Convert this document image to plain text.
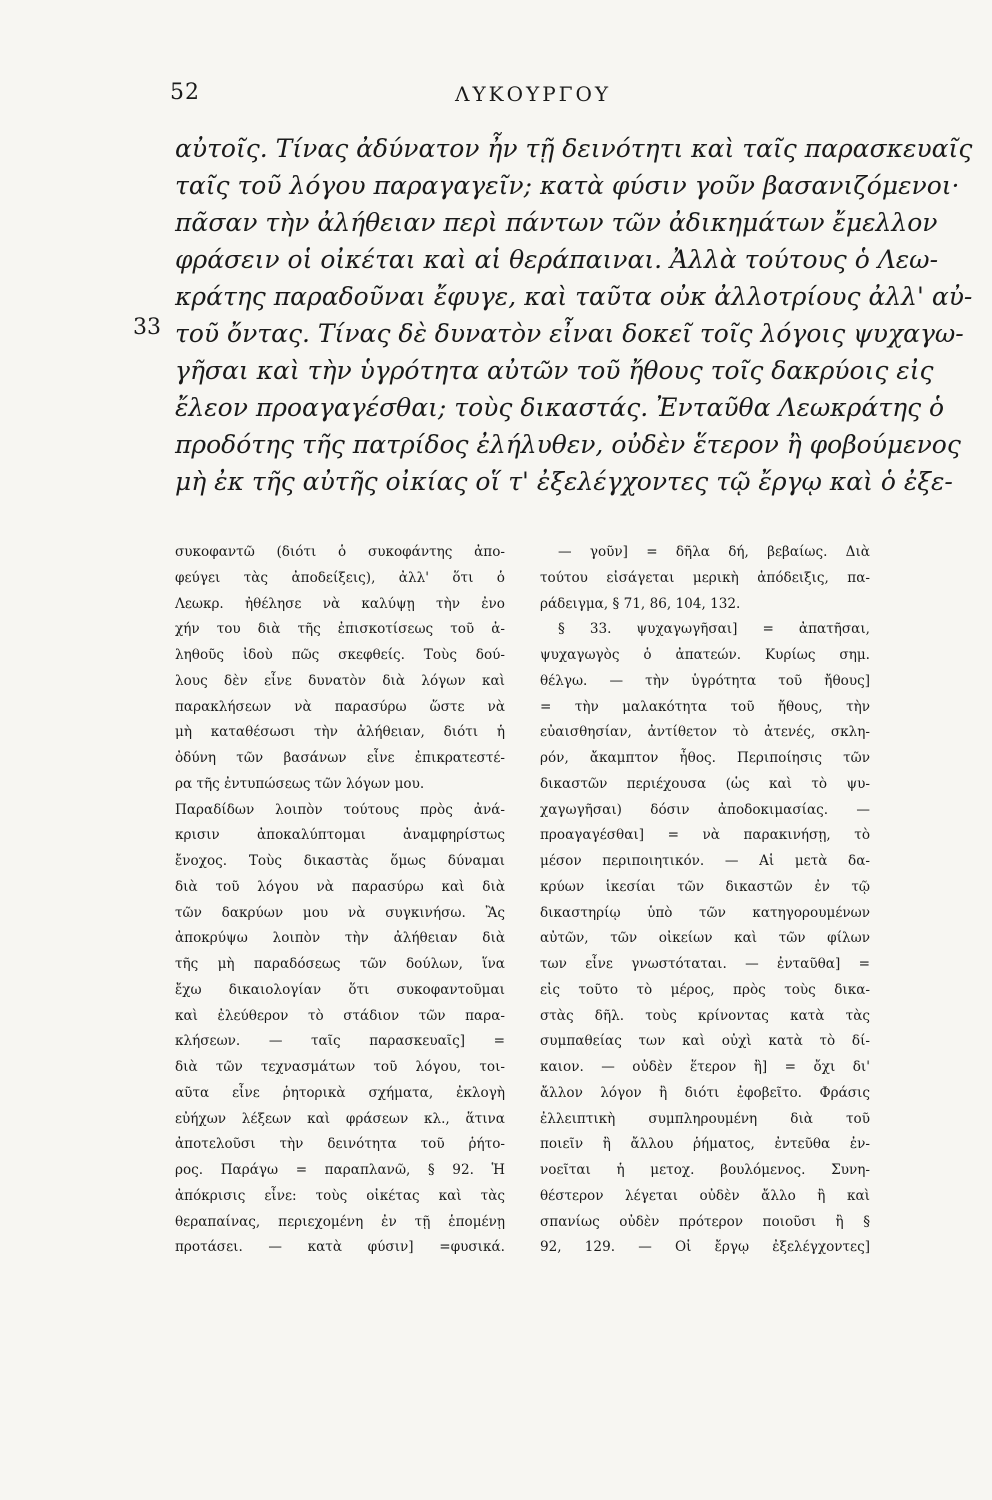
52	ΛΥΚΟΥΡΓΟΥ
33
αὐτοῖς. Τίνας ἀδύνατον ἦν τῇ δεινότητι καὶ ταῖς παρασκευαῖς
ταῖς τοῦ λόγου παραγαγεῖν; κατὰ φύσιν γοῦν βασανιζόμενοι·
πᾶσαν τὴν ἀλήθειαν περὶ πάντων τῶν ἀδικημάτων ἔμελλον
φράσειν οἱ οἰκέται καὶ αἱ θεράπαιναι. Ἀλλὰ τούτους ὁ Λεω-
κράτης παραδοῦναι ἔφυγε, καὶ ταῦτα οὐκ ἀλλοτρίους ἀλλ' αὐ-
τοῦ ὄντας. Τίνας δὲ δυνατὸν εἶναι δοκεῖ τοῖς λόγοις ψυχαγω-
γῆσαι καὶ τὴν ὑγρότητα αὐτῶν τοῦ ἤθους τοῖς δακρύοις εἰς
ἔλεον προαγαγέσθαι; τοὺς δικαστάς. Ἐνταῦθα Λεωκράτης ὁ
προδότης τῆς πατρίδος ἐλήλυθεν, οὐδὲν ἕτερον ἢ φοβούμενος
μὴ ἐκ τῆς αὐτῆς οἰκίας οἵ τ' ἐξελέγχοντες τῷ ἔργῳ καὶ ὁ ἐξε-
συκοφαντῶ (διότι ὁ συκοφάντης ἀπο-
φεύγει τὰς ἀποδείξεις), ἀλλ' ὅτι ὁ
Λεωκρ. ἠθέλησε νὰ καλύψῃ τὴν ἐνο
χήν του διὰ τῆς ἐπισκοτίσεως τοῦ ἀ-
ληθοῦς ἰδοὺ πῶς σκεφθείς. Τοὺς δού-
λους δὲν εἶνε δυνατὸν διὰ λόγων καὶ
παρακλήσεων νὰ παρασύρω ὥστε νὰ
μὴ καταθέσωσι τὴν ἀλήθειαν, διότι ἡ
ὀδύνη τῶν βασάνων εἶνε ἐπικρατεστέ-
ρα τῆς ἐντυπώσεως τῶν λόγων μου.
Παραδίδων λοιπὸν τούτους πρὸς ἀνά-
κρισιν ἀποκαλύπτομαι ἀναμφηρίστως
ἔνοχος. Τοὺς δικαστὰς ὅμως δύναμαι
διὰ τοῦ λόγου νὰ παρασύρω καὶ διὰ
τῶν δακρύων μου νὰ συγκινήσω. Ἂς
ἀποκρύψω λοιπὸν τὴν ἀλήθειαν διὰ
τῆς μὴ παραδόσεως τῶν δούλων, ἵνα
ἔχω δικαιολογίαν ὅτι συκοφαντοῦμαι
καὶ ἐλεύθερον τὸ στάδιον τῶν παρα-
κλήσεων. — ταῖς παρασκευαῖς] =
διὰ τῶν τεχνασμάτων τοῦ λόγου, τοι-
αῦτα εἶνε ῥητορικὰ σχήματα, ἐκλογὴ
εὐήχων λέξεων καὶ φράσεων κλ., ἅτινα
ἀποτελοῦσι τὴν δεινότητα τοῦ ῥήτο-
ρος. Παράγω = παραπλανῶ, § 92. Ἡ
ἀπόκρισις εἶνε: τοὺς οἰκέτας καὶ τὰς
θεραπαίνας, περιεχομένη ἐν τῇ ἑπομένῃ
προτάσει. — κατὰ φύσιν] =φυσικά.
— γοῦν] = δῆλα δή, βεβαίως. Διὰ
τούτου εἰσάγεται μερικὴ ἀπόδειξις, πα-
ράδειγμα, § 71, 86, 104, 132.
§ 33. ψυχαγωγῆσαι] = ἀπατῆσαι,
ψυχαγωγὸς ὁ ἀπατεών. Κυρίως σημ.
θέλγω. — τὴν ὑγρότητα τοῦ ἤθους]
= τὴν μαλακότητα τοῦ ἤθους, τὴν
εὐαισθησίαν, ἀντίθετον τὸ ἀτενές, σκλη-
ρόν, ἄκαμπτον ἦθος. Περιποίησις τῶν
δικαστῶν περιέχουσα (ὡς καὶ τὸ ψυ-
χαγωγῆσαι) δόσιν ἀποδοκιμασίας. —
προαγαγέσθαι] = νὰ παρακινήσῃ, τὸ
μέσον περιποιητικόν. — Αἱ μετὰ δα-
κρύων ἱκεσίαι τῶν δικαστῶν ἐν τῷ
δικαστηρίῳ ὑπὸ τῶν κατηγορουμένων
αὐτῶν, τῶν οἰκείων καὶ τῶν φίλων
των εἶνε γνωστόταται. — ἐνταῦθα] =
εἰς τοῦτο τὸ μέρος, πρὸς τοὺς δικα-
στὰς δῆλ. τοὺς κρίνοντας κατὰ τὰς
συμπαθείας των καὶ οὐχὶ κατὰ τὸ δί-
καιον. — οὐδὲν ἕτερον ἢ] = ὄχι δι'
ἄλλον λόγον ἢ διότι ἐφοβεῖτο. Φράσις
ἐλλειπτικὴ συμπληρουμένη διὰ τοῦ
ποιεῖν ἢ ἄλλου ῥήματος, ἐντεῦθα ἐν-
νοεῖται ἡ μετοχ. βουλόμενος. Συνη-
θέστερον λέγεται οὐδὲν ἄλλο ἢ καὶ
σπανίως οὐδὲν πρότερον ποιοῦσι ἢ §
92, 129. — Οἱ ἔργῳ ἐξελέγχοντες]
